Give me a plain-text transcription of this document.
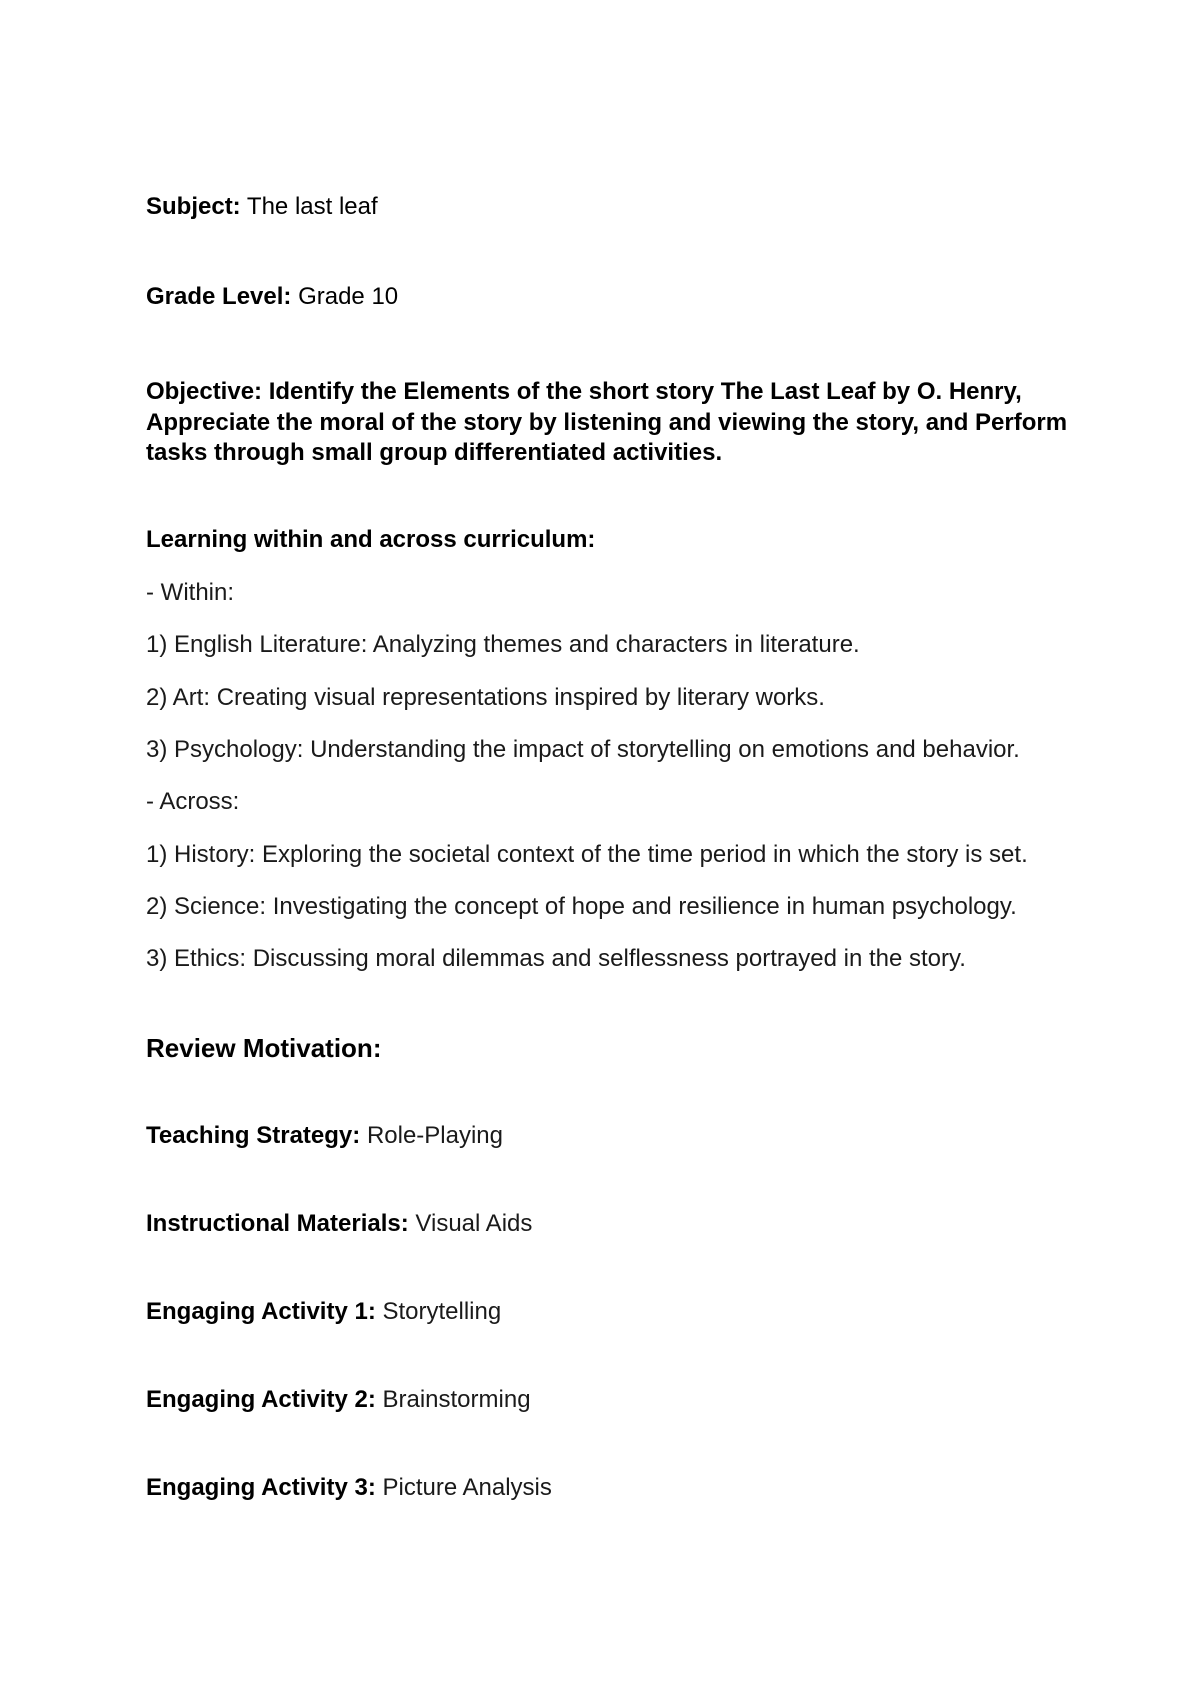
Subject: The last leaf
Grade Level: Grade 10
Objective: Identify the Elements of the short story The Last Leaf by O. Henry, Appreciate the moral of the story by listening and viewing the story, and Perform tasks through small group differentiated activities.
Learning within and across curriculum:
- Within:
1) English Literature: Analyzing themes and characters in literature.
2) Art: Creating visual representations inspired by literary works.
3) Psychology: Understanding the impact of storytelling on emotions and behavior.
- Across:
1) History: Exploring the societal context of the time period in which the story is set.
2) Science: Investigating the concept of hope and resilience in human psychology.
3) Ethics: Discussing moral dilemmas and selflessness portrayed in the story.
Review Motivation:
Teaching Strategy: Role-Playing
Instructional Materials: Visual Aids
Engaging Activity 1: Storytelling
Engaging Activity 2: Brainstorming
Engaging Activity 3: Picture Analysis
